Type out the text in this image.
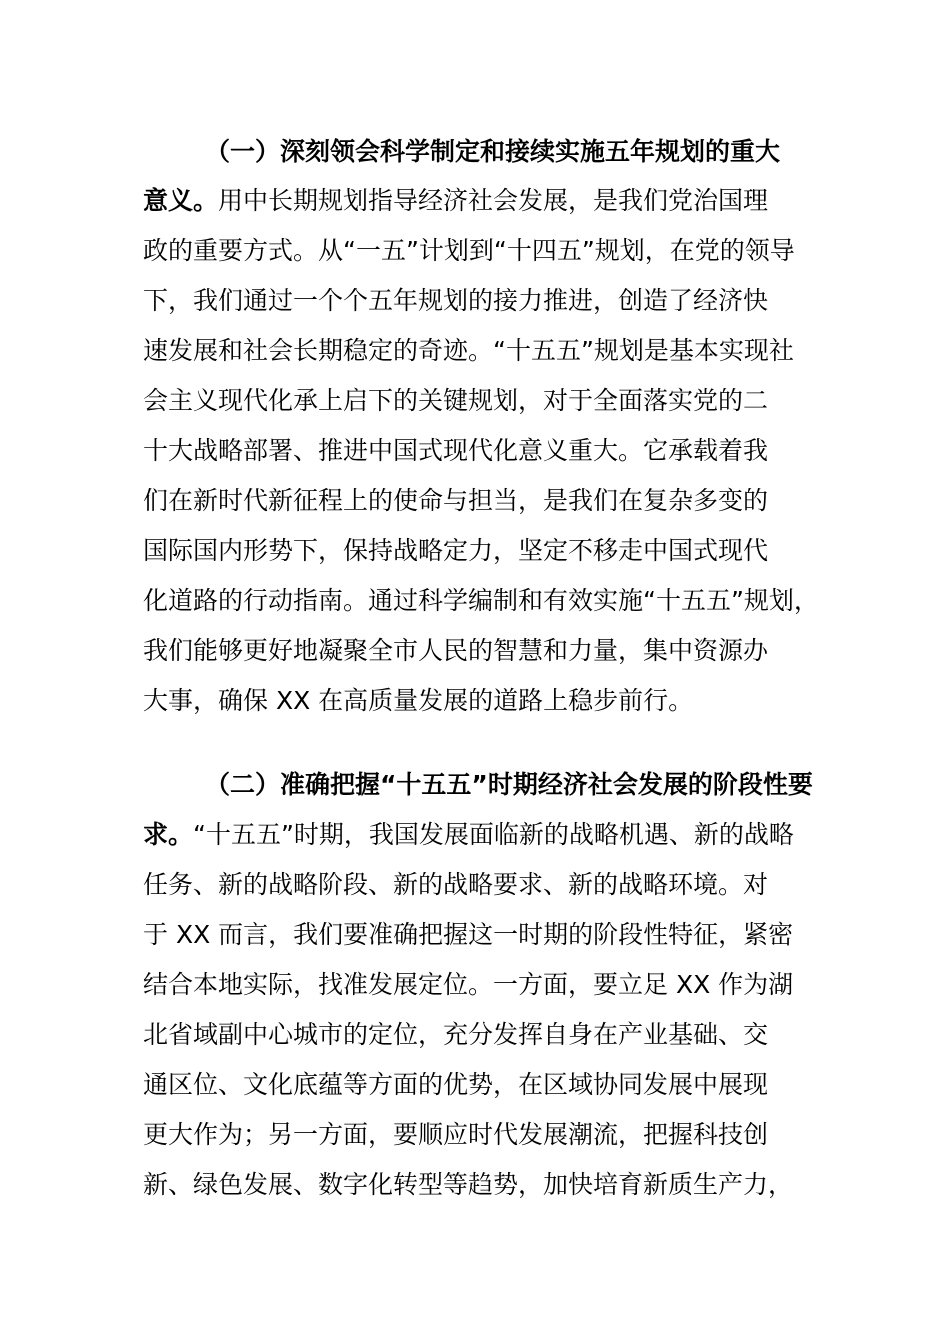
（一）深刻领会科学制定和接续实施五年规划的重大
意义。用中长期规划指导经济社会发展，是我们党治国理
政的重要方式。从“一五”计划到“十四五”规划，在党的领导
下，我们通过一个个五年规划的接力推进，创造了经济快
速发展和社会长期稳定的奇迹。“十五五”规划是基本实现社
会主义现代化承上启下的关键规划，对于全面落实党的二
十大战略部署、推进中国式现代化意义重大。它承载着我
们在新时代新征程上的使命与担当，是我们在复杂多变的
国际国内形势下，保持战略定力，坚定不移走中国式现代
化道路的行动指南。通过科学编制和有效实施“十五五”规划，
我们能够更好地凝聚全市人民的智慧和力量，集中资源办
大事，确保 XX 在高质量发展的道路上稳步前行。
（二）准确把握“十五五”时期经济社会发展的阶段性要
求。“十五五”时期，我国发展面临新的战略机遇、新的战略
任务、新的战略阶段、新的战略要求、新的战略环境。对
于 XX 而言，我们要准确把握这一时期的阶段性特征，紧密
结合本地实际，找准发展定位。一方面，要立足 XX 作为湖
北省域副中心城市的定位，充分发挥自身在产业基础、交
通区位、文化底蕴等方面的优势，在区域协同发展中展现
更大作为；另一方面，要顺应时代发展潮流，把握科技创
新、绿色发展、数字化转型等趋势，加快培育新质生产力，
